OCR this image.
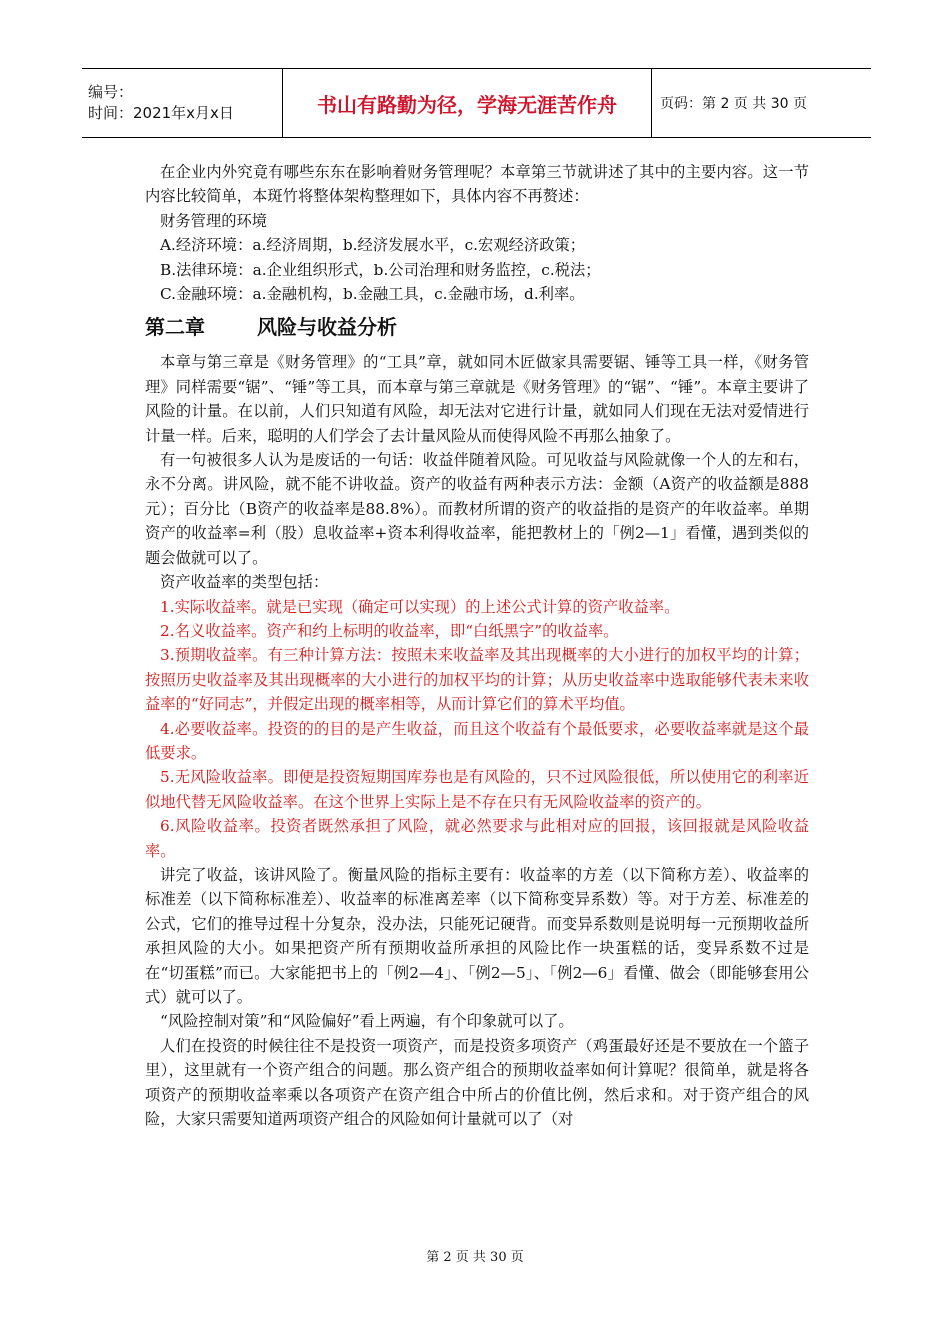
编号：
时间：2021年x月x日	书山有路勤为径，学海无涯苦作舟	页码：第 2 页 共 30 页

在企业内外究竟有哪些东东在影响着财务管理呢？本章第三节就讲述了其中的主要内容。这一节内容比较简单，本斑竹将整体架构整理如下，具体内容不再赘述：

财务管理的环境

A.经济环境：a.经济周期，b.经济发展水平，c.宏观经济政策；

B.法律环境：a.企业组织形式，b.公司治理和财务监控，c.税法；

C.金融环境：a.金融机构，b.金融工具，c.金融市场，d.利率。

第二章	风险与收益分析

本章与第三章是《财务管理》的“工具”章，就如同木匠做家具需要锯、锤等工具一样，《财务管理》同样需要“锯”、“锤”等工具，而本章与第三章就是《财务管理》的“锯”、“锤”。本章主要讲了风险的计量。在以前，人们只知道有风险，却无法对它进行计量，就如同人们现在无法对爱情进行计量一样。后来，聪明的人们学会了去计量风险从而使得风险不再那么抽象了。

有一句被很多人认为是废话的一句话：收益伴随着风险。可见收益与风险就像一个人的左和右，永不分离。讲风险，就不能不讲收益。资产的收益有两种表示方法：金额（A资产的收益额是888元）；百分比（B资产的收益率是88.8%）。而教材所谓的资产的收益指的是资产的年收益率。单期资产的收益率=利（股）息收益率+资本利得收益率，能把教材上的「例2—1」看懂，遇到类似的题会做就可以了。

资产收益率的类型包括：

1.实际收益率。就是已实现（确定可以实现）的上述公式计算的资产收益率。

2.名义收益率。资产和约上标明的收益率，即“白纸黑字”的收益率。

3.预期收益率。有三种计算方法：按照未来收益率及其出现概率的大小进行的加权平均的计算；按照历史收益率及其出现概率的大小进行的加权平均的计算；从历史收益率中选取能够代表未来收益率的“好同志”，并假定出现的概率相等，从而计算它们的算术平均值。

4.必要收益率。投资的的目的是产生收益，而且这个收益有个最低要求，必要收益率就是这个最低要求。

5.无风险收益率。即便是投资短期国库券也是有风险的，只不过风险很低，所以使用它的利率近似地代替无风险收益率。在这个世界上实际上是不存在只有无风险收益率的资产的。

6.风险收益率。投资者既然承担了风险，就必然要求与此相对应的回报，该回报就是风险收益率。

讲完了收益，该讲风险了。衡量风险的指标主要有：收益率的方差（以下简称方差）、收益率的标准差（以下简称标准差）、收益率的标准离差率（以下简称变异系数）等。对于方差、标准差的公式，它们的推导过程十分复杂，没办法，只能死记硬背。而变异系数则是说明每一元预期收益所承担风险的大小。如果把资产所有预期收益所承担的风险比作一块蛋糕的话，变异系数不过是在“切蛋糕”而已。大家能把书上的「例2—4」、「例2—5」、「例2—6」看懂、做会（即能够套用公式）就可以了。

“风险控制对策”和“风险偏好”看上两遍，有个印象就可以了。

人们在投资的时候往往不是投资一项资产，而是投资多项资产（鸡蛋最好还是不要放在一个篮子里），这里就有一个资产组合的问题。那么资产组合的预期收益率如何计算呢？很简单，就是将各项资产的预期收益率乘以各项资产在资产组合中所占的价值比例，然后求和。对于资产组合的风险，大家只需要知道两项资产组合的风险如何计量就可以了（对

第 2 页 共 30 页
